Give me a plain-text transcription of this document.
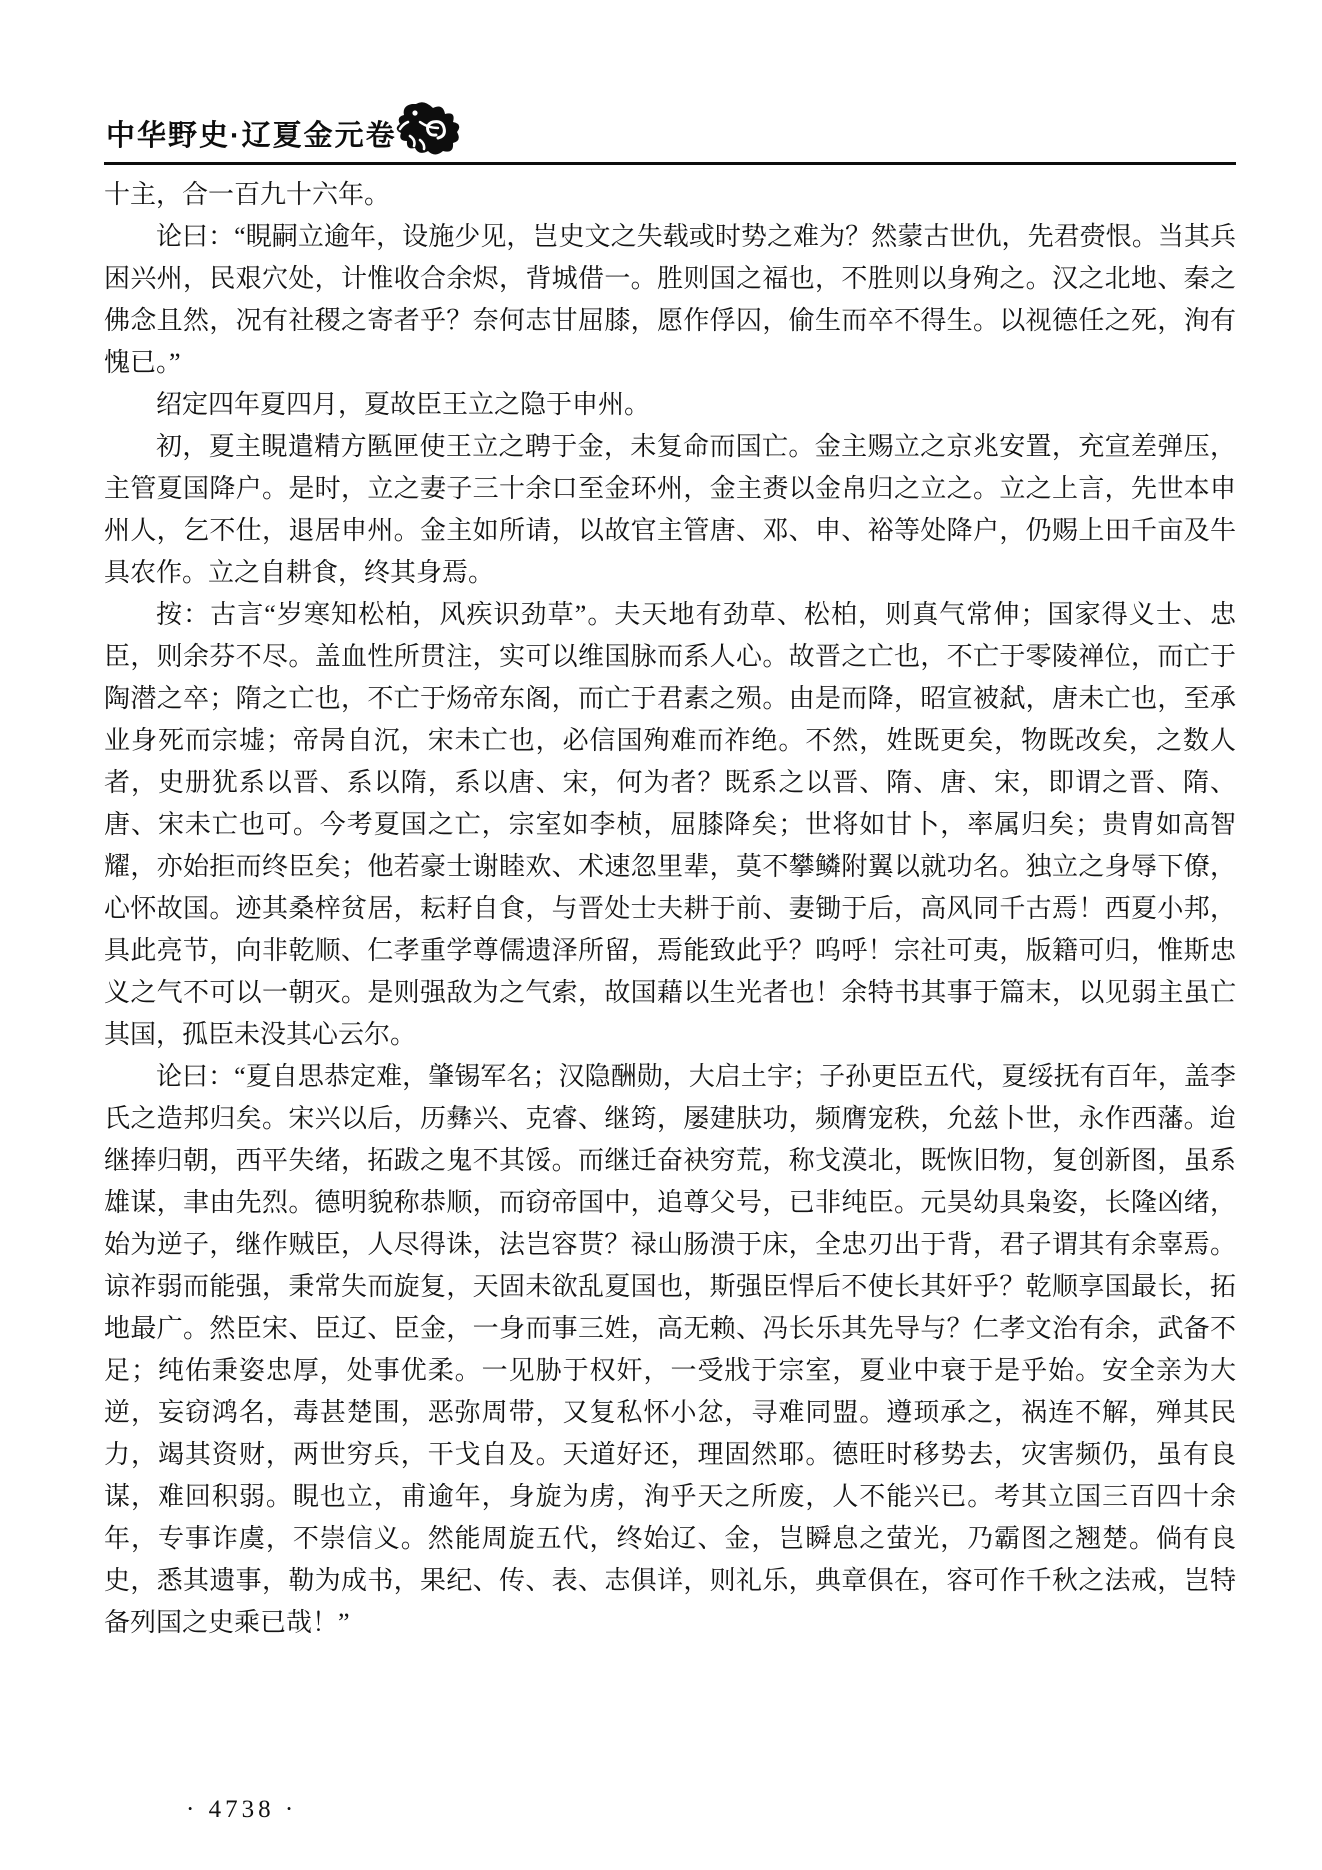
中华野史·辽夏金元卷

十主，合一百九十六年。

论曰：“睍嗣立逾年，设施少见，岂史文之失载或时势之难为？然蒙古世仇，先君赍恨。当其兵困兴州，民艰穴处，计惟收合余烬，背城借一。胜则国之福也，不胜则以身殉之。汉之北地、秦之佛念且然，况有社稷之寄者乎？奈何志甘屈膝，愿作俘囚，偷生而卒不得生。以视德任之死，洵有愧已。”

绍定四年夏四月，夏故臣王立之隐于申州。

初，夏主睍遣精方匦匣使王立之聘于金，未复命而国亡。金主赐立之京兆安置，充宣差弹压，主管夏国降户。是时，立之妻子三十余口至金环州，金主赉以金帛归之立之。立之上言，先世本申州人，乞不仕，退居申州。金主如所请，以故官主管唐、邓、申、裕等处降户，仍赐上田千亩及牛具农作。立之自耕食，终其身焉。

按：古言“岁寒知松柏，风疾识劲草”。夫天地有劲草、松柏，则真气常伸；国家得义士、忠臣，则余芬不尽。盖血性所贯注，实可以维国脉而系人心。故晋之亡也，不亡于零陵禅位，而亡于陶潜之卒；隋之亡也，不亡于炀帝东阁，而亡于君素之殒。由是而降，昭宣被弑，唐未亡也，至承业身死而宗墟；帝昺自沉，宋未亡也，必信国殉难而祚绝。不然，姓既更矣，物既改矣，之数人者，史册犹系以晋、系以隋，系以唐、宋，何为者？既系之以晋、隋、唐、宋，即谓之晋、隋、唐、宋未亡也可。今考夏国之亡，宗室如李桢，屈膝降矣；世将如甘卜，率属归矣；贵胄如高智耀，亦始拒而终臣矣；他若豪士谢睦欢、术速忽里辈，莫不攀鳞附翼以就功名。独立之身辱下僚，心怀故国。迹其桑梓贫居，耘耔自食，与晋处士夫耕于前、妻锄于后，高风同千古焉！西夏小邦，具此亮节，向非乾顺、仁孝重学尊儒遗泽所留，焉能致此乎？呜呼！宗社可夷，版籍可归，惟斯忠义之气不可以一朝灭。是则强敌为之气索，故国藉以生光者也！余特书其事于篇末，以见弱主虽亡其国，孤臣未没其心云尔。

论曰：“夏自思恭定难，肇锡军名；汉隐酬勋，大启土宇；子孙更臣五代，夏绥抚有百年，盖李氏之造邦归矣。宋兴以后，历彝兴、克睿、继筠，屡建肤功，频膺宠秩，允兹卜世，永作西藩。迨继捧归朝，西平失绪，拓跋之鬼不其馁。而继迁奋袂穷荒，称戈漠北，既恢旧物，复创新图，虽系雄谋，聿由先烈。德明貌称恭顺，而窃帝国中，追尊父号，已非纯臣。元昊幼具枭姿，长隆凶绪，始为逆子，继作贼臣，人尽得诛，法岂容贳？禄山肠溃于床，全忠刃出于背，君子谓其有余辜焉。谅祚弱而能强，秉常失而旋复，天固未欲乱夏国也，斯强臣悍后不使长其奸乎？乾顺享国最长，拓地最广。然臣宋、臣辽、臣金，一身而事三姓，高无赖、冯长乐其先导与？仁孝文治有余，武备不足；纯佑秉姿忠厚，处事优柔。一见胁于权奸，一受戕于宗室，夏业中衰于是乎始。安全亲为大逆，妄窃鸿名，毒甚楚围，恶弥周带，又复私怀小忿，寻难同盟。遵顼承之，祸连不解，殚其民力，竭其资财，两世穷兵，干戈自及。天道好还，理固然耶。德旺时移势去，灾害频仍，虽有良谋，难回积弱。睍也立，甫逾年，身旋为虏，洵乎天之所废，人不能兴已。考其立国三百四十余年，专事诈虞，不崇信义。然能周旋五代，终始辽、金，岂瞬息之萤光，乃霸图之翘楚。倘有良史，悉其遗事，勒为成书，果纪、传、表、志俱详，则礼乐，典章俱在，容可作千秋之法戒，岂特备列国之史乘已哉！”

· 4738 ·
